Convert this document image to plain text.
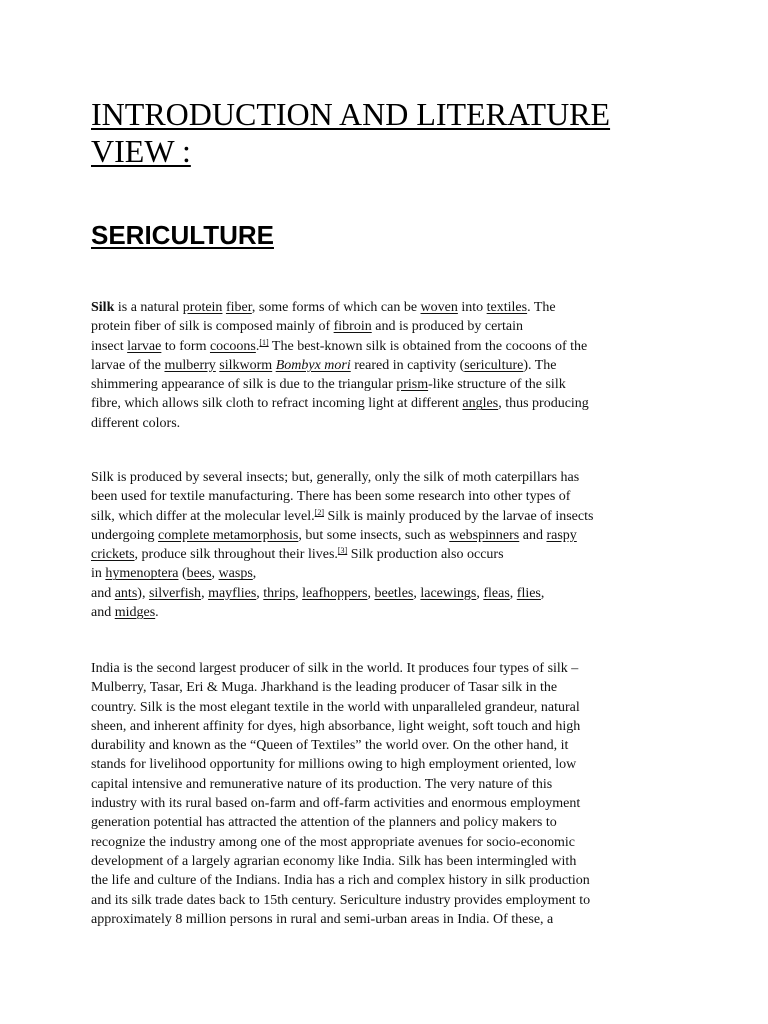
INTRODUCTION AND LITERATURE
VIEW :
SERICULTURE
Silk is a natural protein fiber, some forms of which can be woven into textiles. The
protein fiber of silk is composed mainly of fibroin and is produced by certain
insect larvae to form cocoons.[1] The best-known silk is obtained from the cocoons of the
larvae of the mulberry silkworm Bombyx mori reared in captivity (sericulture). The
shimmering appearance of silk is due to the triangular prism-like structure of the silk
fibre, which allows silk cloth to refract incoming light at different angles, thus producing
different colors.
Silk is produced by several insects; but, generally, only the silk of moth caterpillars has
been used for textile manufacturing. There has been some research into other types of
silk, which differ at the molecular level.[2] Silk is mainly produced by the larvae of insects
undergoing complete metamorphosis, but some insects, such as webspinners and raspy
crickets, produce silk throughout their lives.[3] Silk production also occurs
in hymenoptera (bees, wasps,
and ants), silverfish, mayflies, thrips, leafhoppers, beetles, lacewings, fleas, flies,
and midges.
India is the second largest producer of silk in the world. It produces four types of silk –
Mulberry, Tasar, Eri & Muga. Jharkhand is the leading producer of Tasar silk in the
country. Silk is the most elegant textile in the world with unparalleled grandeur, natural
sheen, and inherent affinity for dyes, high absorbance, light weight, soft touch and high
durability and known as the “Queen of Textiles” the world over. On the other hand, it
stands for livelihood opportunity for millions owing to high employment oriented, low
capital intensive and remunerative nature of its production. The very nature of this
industry with its rural based on-farm and off-farm activities and enormous employment
generation potential has attracted the attention of the planners and policy makers to
recognize the industry among one of the most appropriate avenues for socio-economic
development of a largely agrarian economy like India. Silk has been intermingled with
the life and culture of the Indians. India has a rich and complex history in silk production
and its silk trade dates back to 15th century. Sericulture industry provides employment to
approximately 8 million persons in rural and semi-urban areas in India. Of these, a
